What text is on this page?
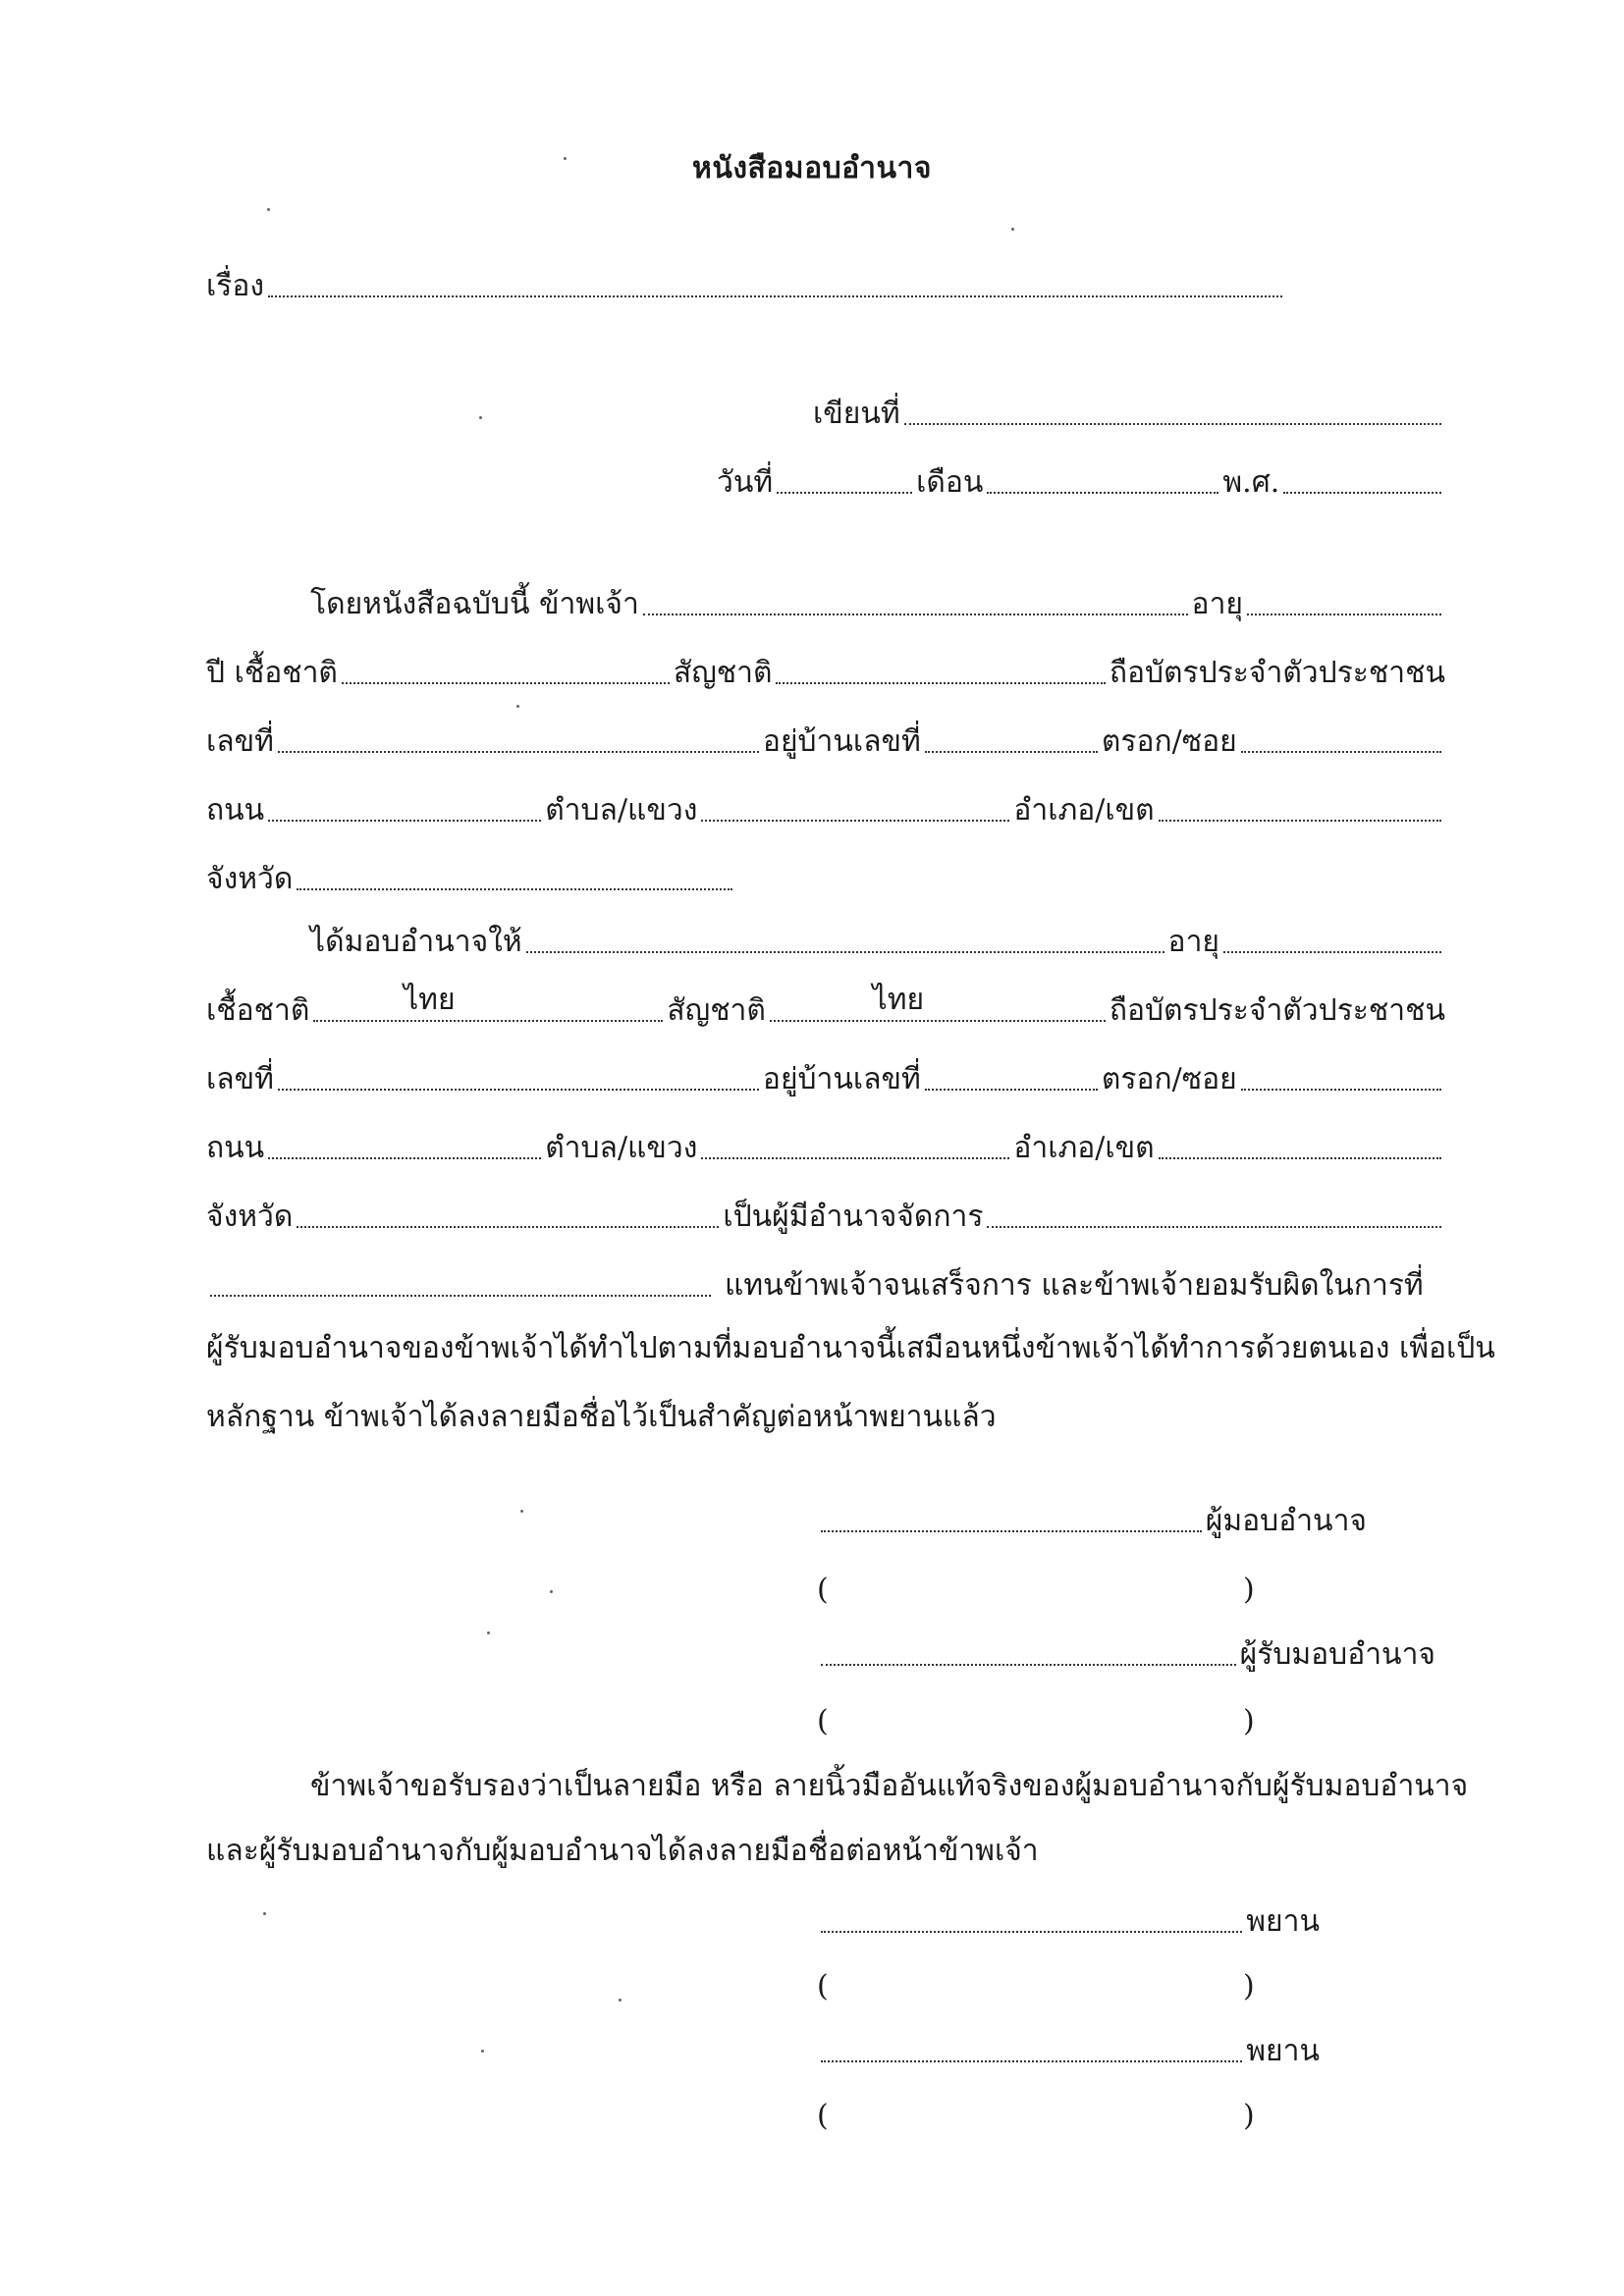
หนังสือมอบอำนาจ
เรื่อง
เขียนที่
วันที่	เดือน	พ.ศ.
โดยหนังสือฉบับนี้ ข้าพเจ้า	อายุ
ปี เชื้อชาติ	สัญชาติ	ถือบัตรประจำตัวประชาชน
เลขที่	อยู่บ้านเลขที่	ตรอก/ซอย
ถนน	ตำบล/แขวง	อำเภอ/เขต
จังหวัด
ได้มอบอำนาจให้	อายุ
เชื้อชาติ	ไทย	สัญชาติ	ไทย	ถือบัตรประจำตัวประชาชน
เลขที่	อยู่บ้านเลขที่	ตรอก/ซอย
ถนน	ตำบล/แขวง	อำเภอ/เขต
จังหวัด	เป็นผู้มีอำนาจจัดการ
แทนข้าพเจ้าจนเสร็จการ และข้าพเจ้ายอมรับผิดในการที่
ผู้รับมอบอำนาจของข้าพเจ้าได้ทำไปตามที่มอบอำนาจนี้เสมือนหนึ่งข้าพเจ้าได้ทำการด้วยตนเอง เพื่อเป็น
หลักฐาน ข้าพเจ้าได้ลงลายมือชื่อไว้เป็นสำคัญต่อหน้าพยานแล้ว
ผู้มอบอำนาจ
(	)
ผู้รับมอบอำนาจ
(	)
ข้าพเจ้าขอรับรองว่าเป็นลายมือ หรือ ลายนิ้วมืออันแท้จริงของผู้มอบอำนาจกับผู้รับมอบอำนาจ
และผู้รับมอบอำนาจกับผู้มอบอำนาจได้ลงลายมือชื่อต่อหน้าข้าพเจ้า
พยาน
(	)
พยาน
(	)
